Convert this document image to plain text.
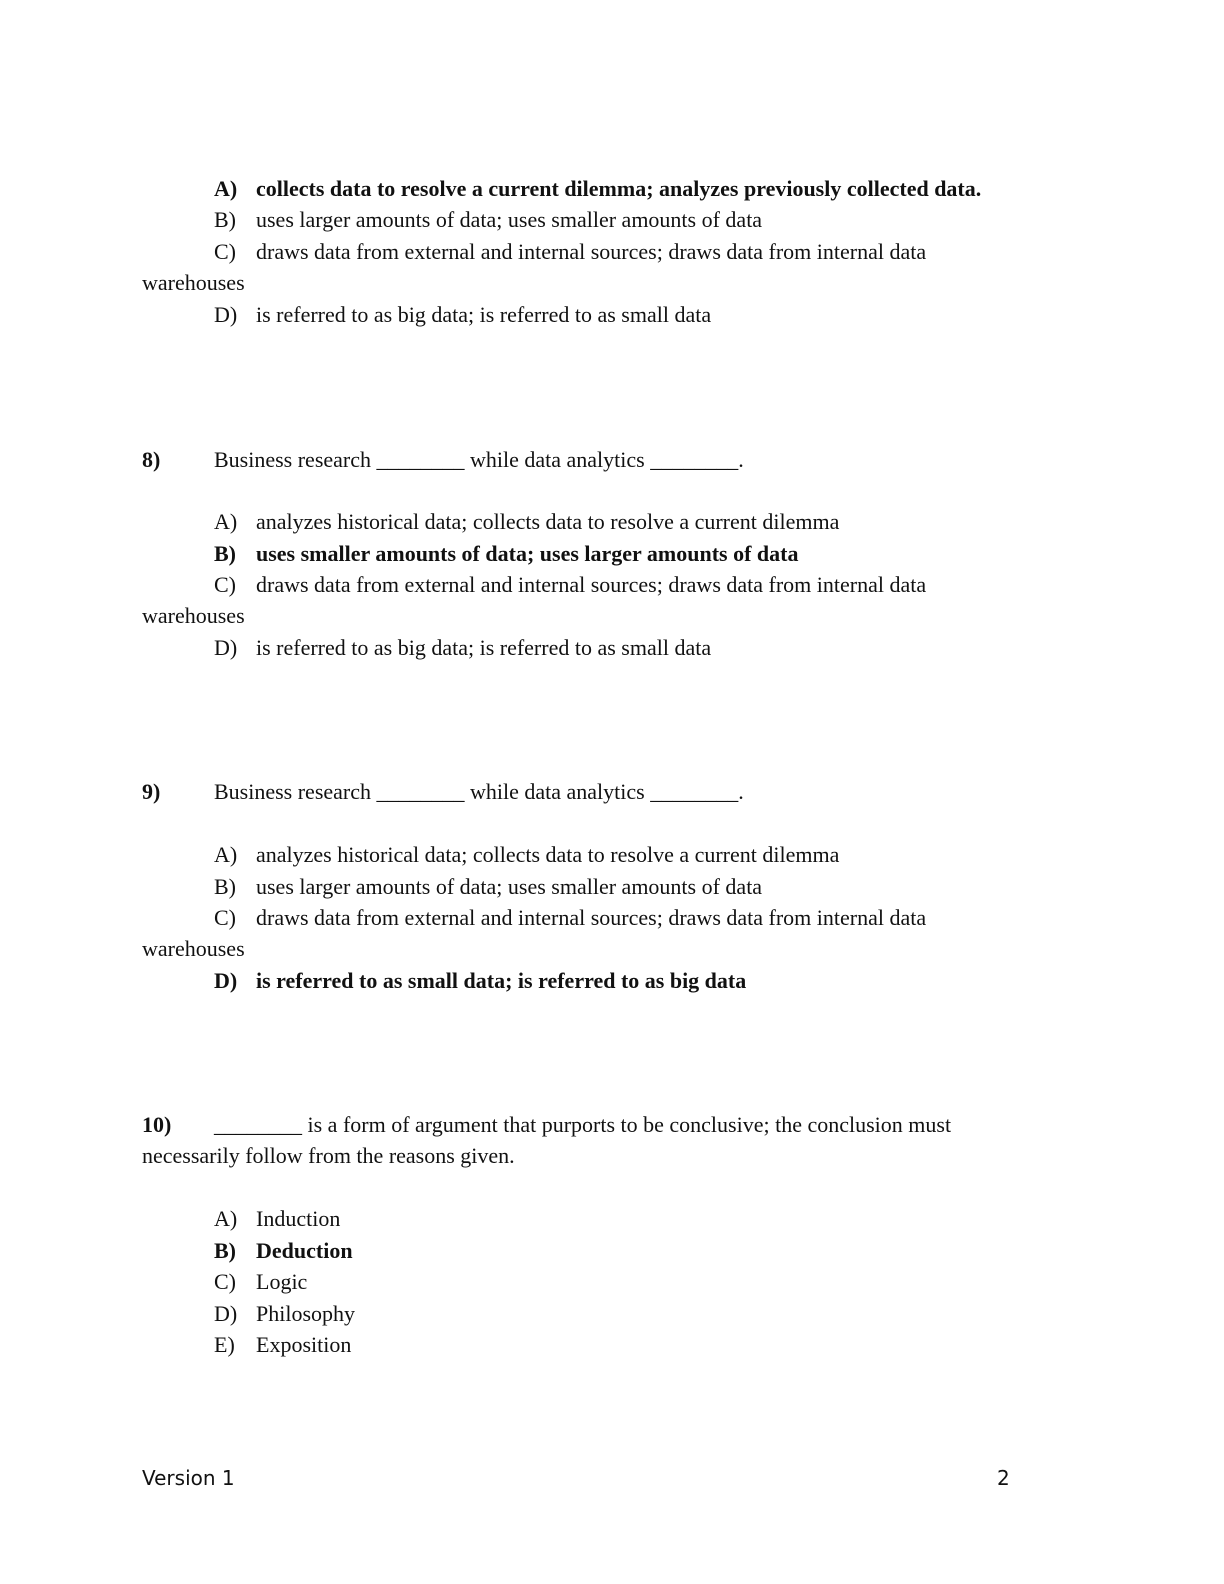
A) collects data to resolve a current dilemma; analyzes previously collected data.
B) uses larger amounts of data; uses smaller amounts of data
C) draws data from external and internal sources; draws data from internal data
warehouses
D) is referred to as big data; is referred to as small data
8) Business research ________ while data analytics ________.
A) analyzes historical data; collects data to resolve a current dilemma
B) uses smaller amounts of data; uses larger amounts of data
C) draws data from external and internal sources; draws data from internal data
warehouses
D) is referred to as big data; is referred to as small data
9) Business research ________ while data analytics ________.
A) analyzes historical data; collects data to resolve a current dilemma
B) uses larger amounts of data; uses smaller amounts of data
C) draws data from external and internal sources; draws data from internal data
warehouses
D) is referred to as small data; is referred to as big data
10) ________ is a form of argument that purports to be conclusive; the conclusion must
necessarily follow from the reasons given.
A) Induction
B) Deduction
C) Logic
D) Philosophy
E) Exposition
Version 1	2
